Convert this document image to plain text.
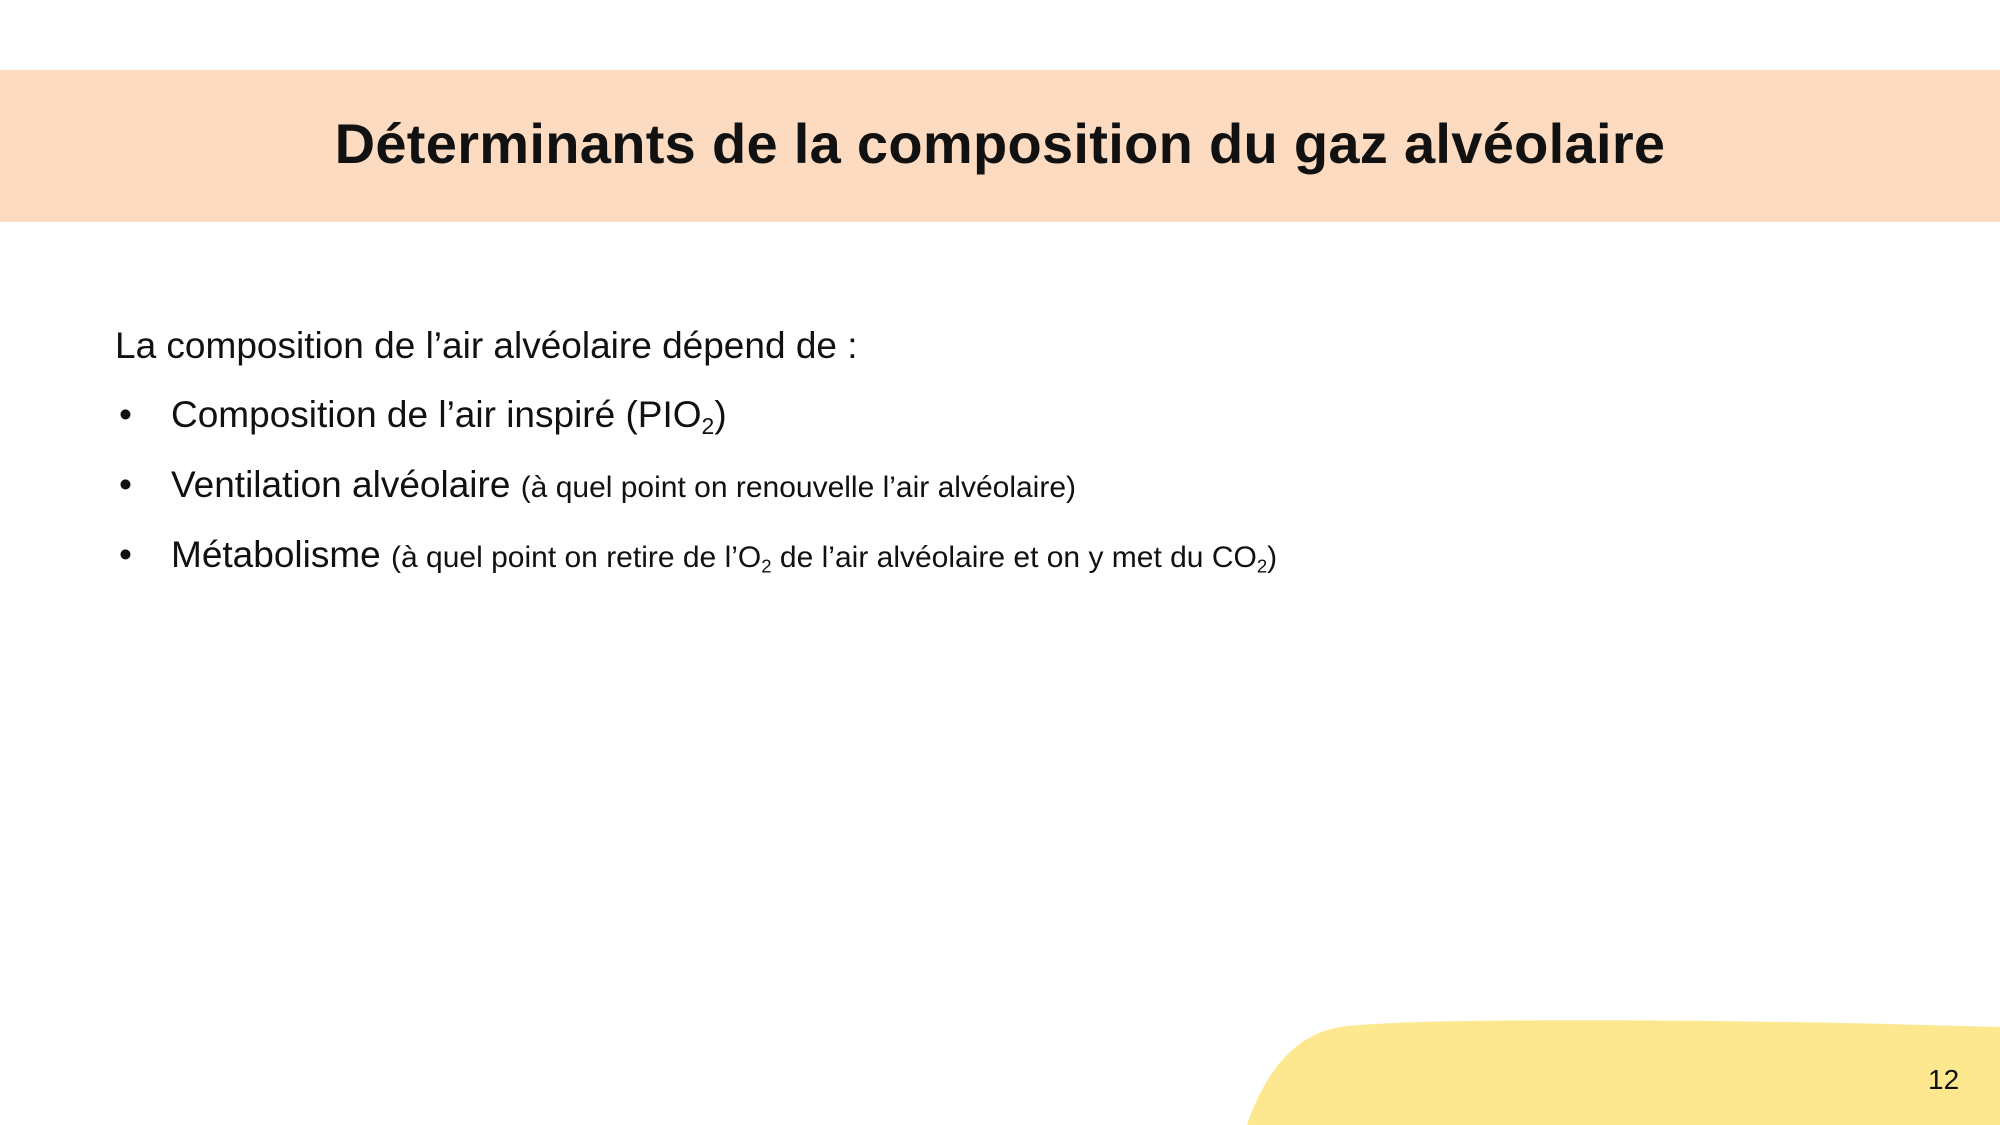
Déterminants de la composition du gaz alvéolaire
La composition de l’air alvéolaire dépend de :
• Composition de l’air inspiré $(PIO_2)$
• Ventilation alvéolaire (à quel point on renouvelle l’air alvéolaire)
• Métabolisme (à quel point on retire de $l’O_2$ de l’air alvéolaire et on y met du $CO_2$)
12
